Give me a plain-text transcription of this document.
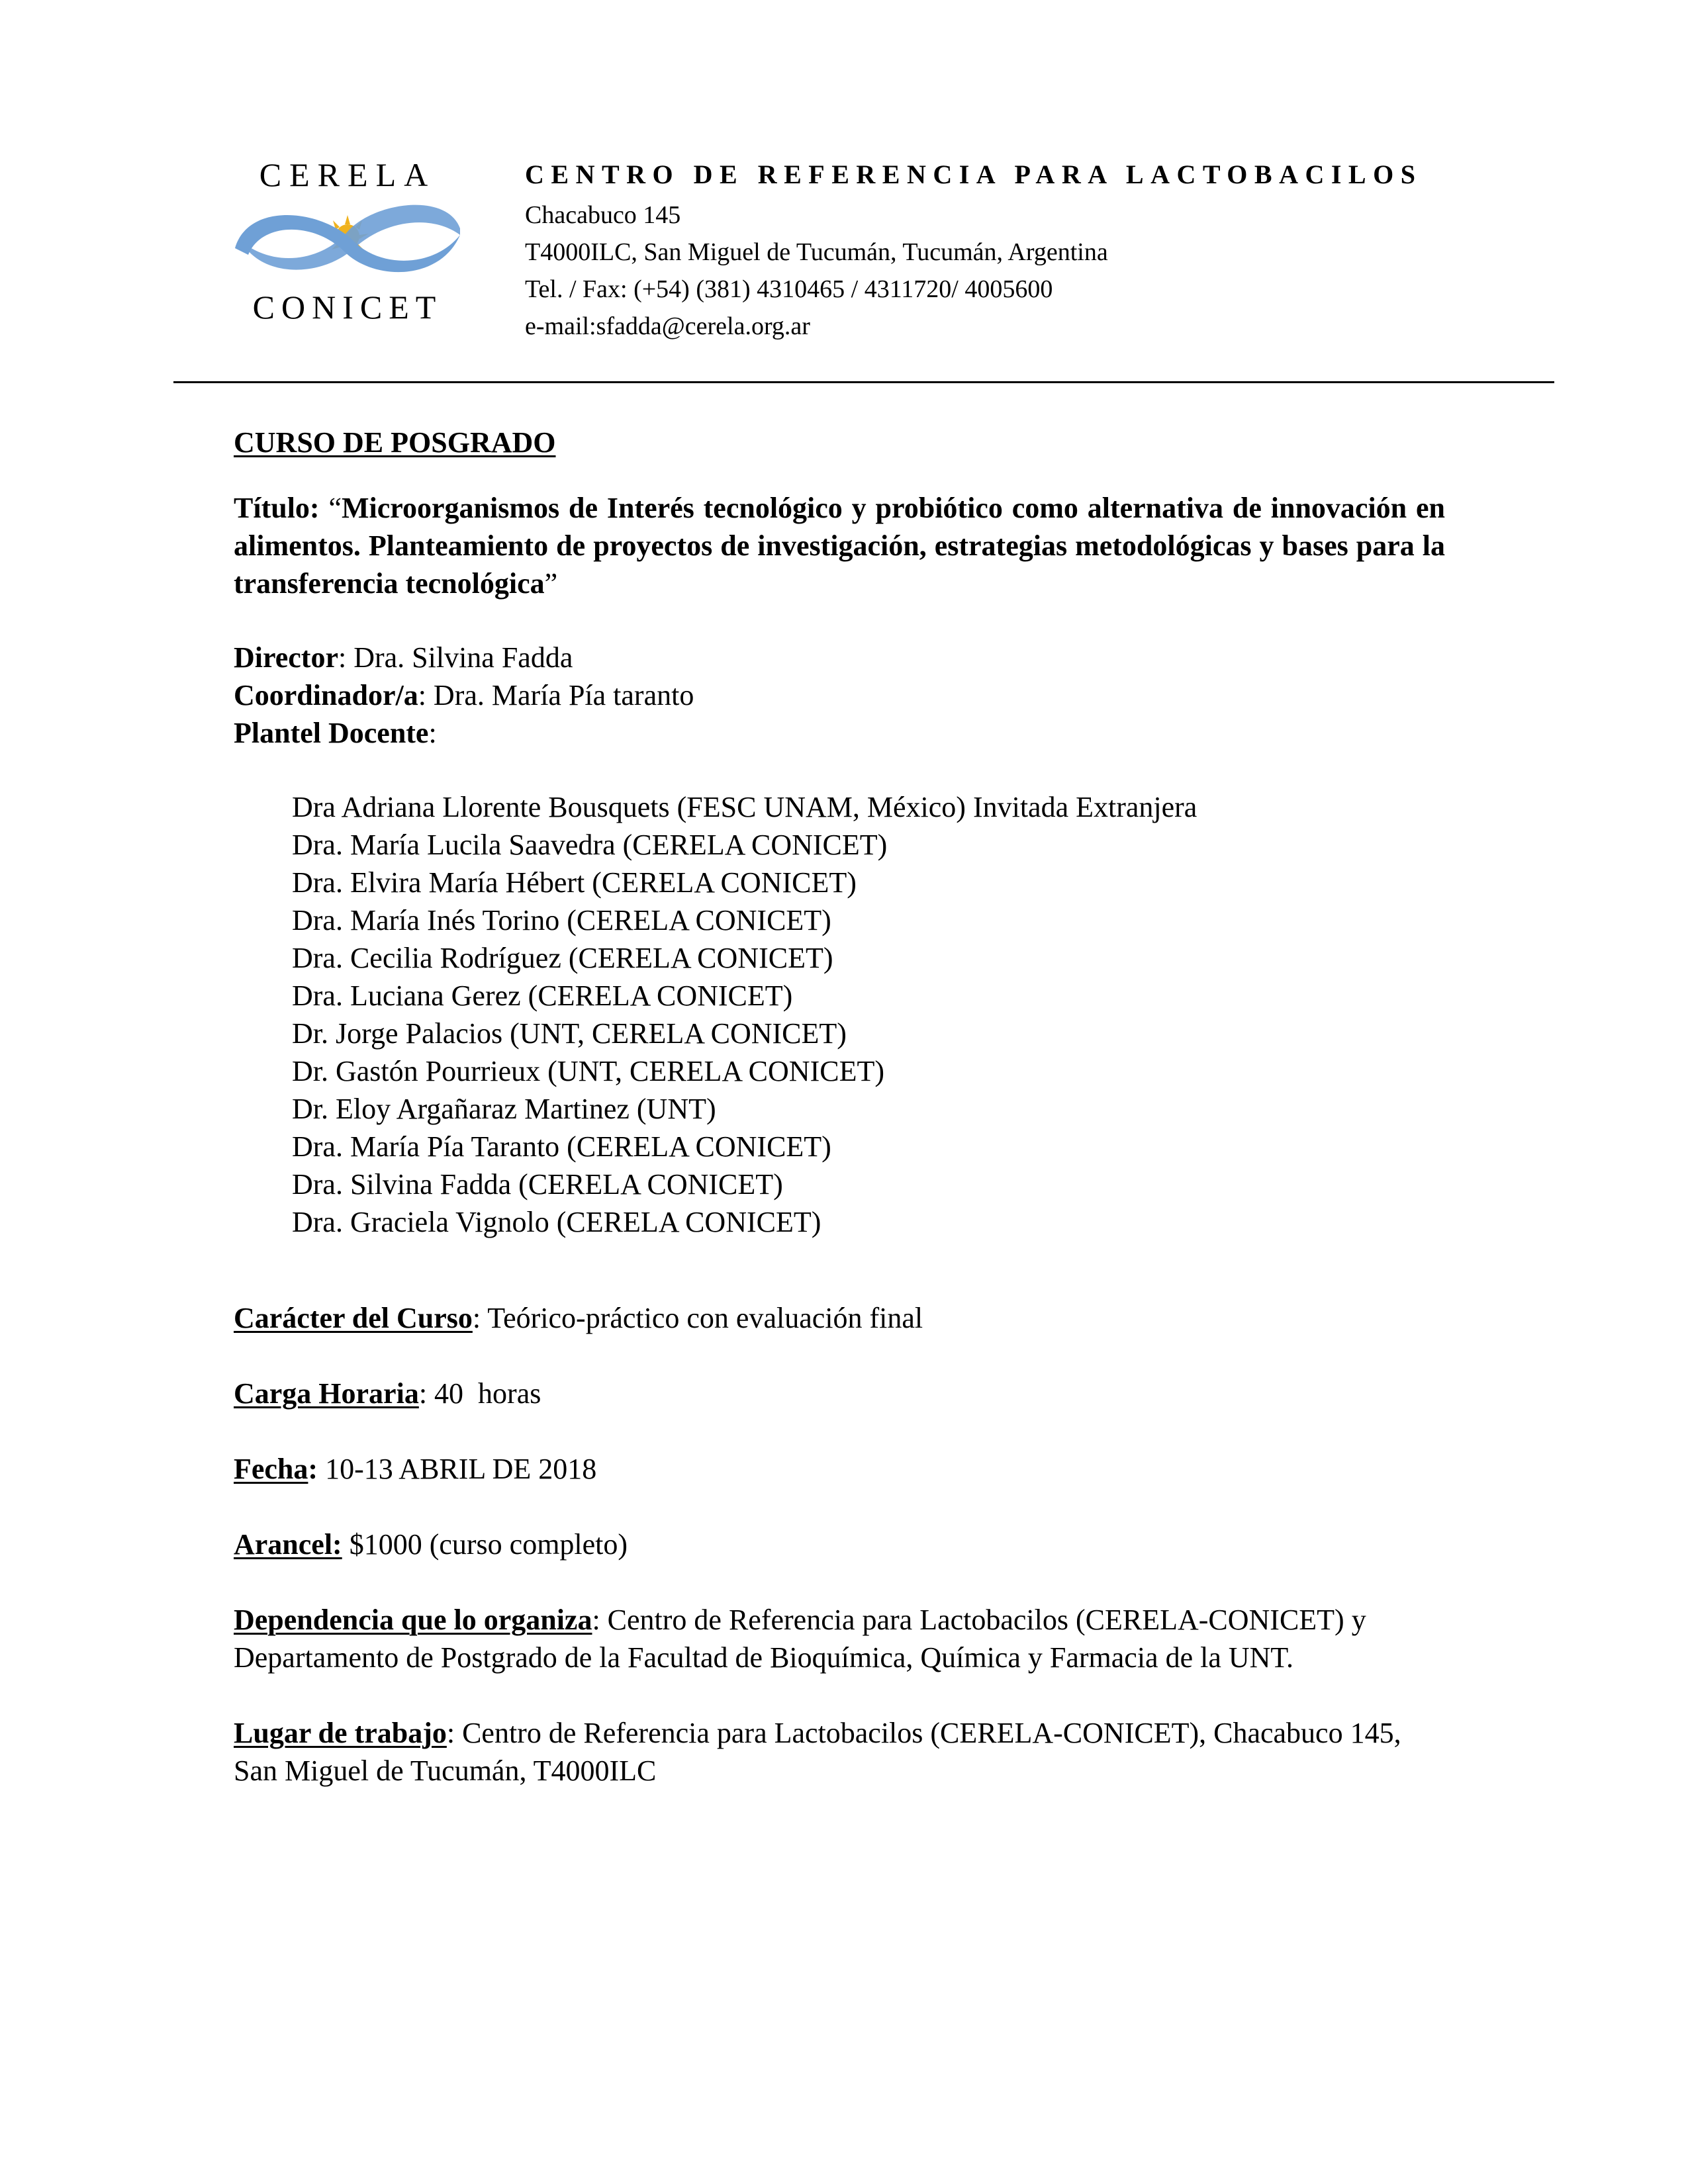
CERELA
CONICET
CENTRO DE REFERENCIA PARA LACTOBACILOS
Chacabuco 145
T4000ILC, San Miguel de Tucumán, Tucumán, Argentina
Tel. / Fax: (+54) (381) 4310465 / 4311720/ 4005600
e-mail:sfadda@cerela.org.ar
CURSO DE POSGRADO
Título: “Microorganismos de Interés tecnológico y probiótico como alternativa de innovación en alimentos. Planteamiento de proyectos de investigación, estrategias metodológicas y bases para la transferencia tecnológica”
Director: Dra. Silvina Fadda
Coordinador/a: Dra. María Pía taranto
Plantel Docente:
Dra Adriana Llorente Bousquets (FESC UNAM, México) Invitada Extranjera
Dra. María Lucila Saavedra (CERELA CONICET)
Dra. Elvira María Hébert (CERELA CONICET)
Dra. María Inés Torino (CERELA CONICET)
Dra. Cecilia Rodríguez (CERELA CONICET)
Dra. Luciana Gerez (CERELA CONICET)
Dr. Jorge Palacios (UNT, CERELA CONICET)
Dr. Gastón Pourrieux (UNT, CERELA CONICET)
Dr. Eloy Argañaraz Martinez (UNT)
Dra. María Pía Taranto (CERELA CONICET)
Dra. Silvina Fadda (CERELA CONICET)
Dra. Graciela Vignolo (CERELA CONICET)
Carácter del Curso: Teórico-práctico con evaluación final
Carga Horaria: 40  horas
Fecha: 10-13 ABRIL DE 2018
Arancel: $1000 (curso completo)
Dependencia que lo organiza: Centro de Referencia para Lactobacilos (CERELA-CONICET) y Departamento de Postgrado de la Facultad de Bioquímica, Química y Farmacia de la UNT.
Lugar de trabajo: Centro de Referencia para Lactobacilos (CERELA-CONICET), Chacabuco 145, San Miguel de Tucumán, T4000ILC
